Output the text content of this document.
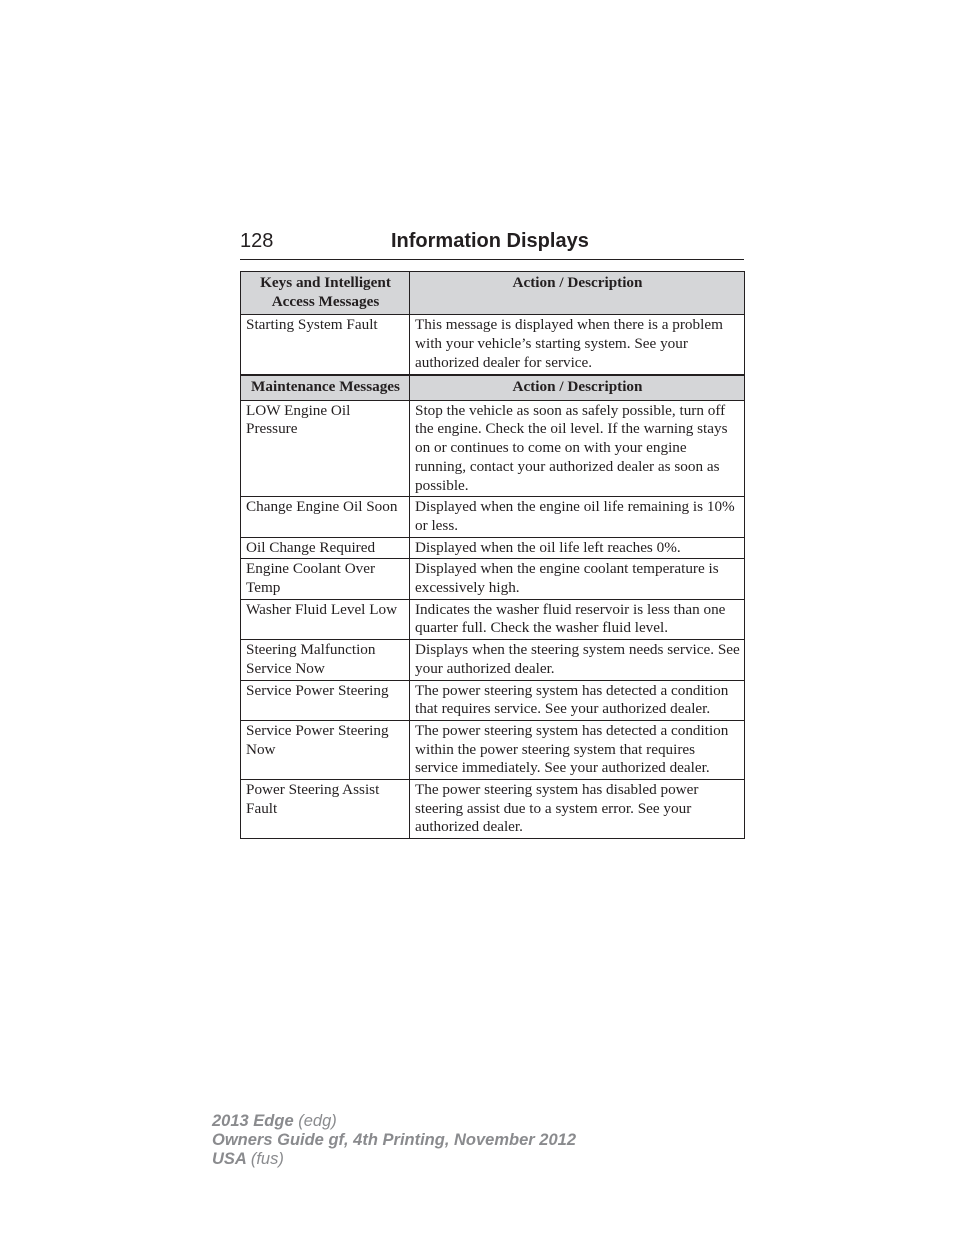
128	Information Displays
Keys and Intelligent Access Messages	Action / Description
Starting System Fault	This message is displayed when there is a problem with your vehicle’s starting system. See your authorized dealer for service.
Maintenance Messages	Action / Description
LOW Engine Oil Pressure	Stop the vehicle as soon as safely possible, turn off the engine. Check the oil level. If the warning stays on or continues to come on with your engine running, contact your authorized dealer as soon as possible.
Change Engine Oil Soon	Displayed when the engine oil life remaining is 10% or less.
Oil Change Required	Displayed when the oil life left reaches 0%.
Engine Coolant Over Temp	Displayed when the engine coolant temperature is excessively high.
Washer Fluid Level Low	Indicates the washer fluid reservoir is less than one quarter full. Check the washer fluid level.
Steering Malfunction Service Now	Displays when the steering system needs service. See your authorized dealer.
Service Power Steering	The power steering system has detected a condition that requires service. See your authorized dealer.
Service Power Steering Now	The power steering system has detected a condition within the power steering system that requires service immediately. See your authorized dealer.
Power Steering Assist Fault	The power steering system has disabled power steering assist due to a system error. See your authorized dealer.
2013 Edge (edg)
Owners Guide gf, 4th Printing, November 2012
USA (fus)
